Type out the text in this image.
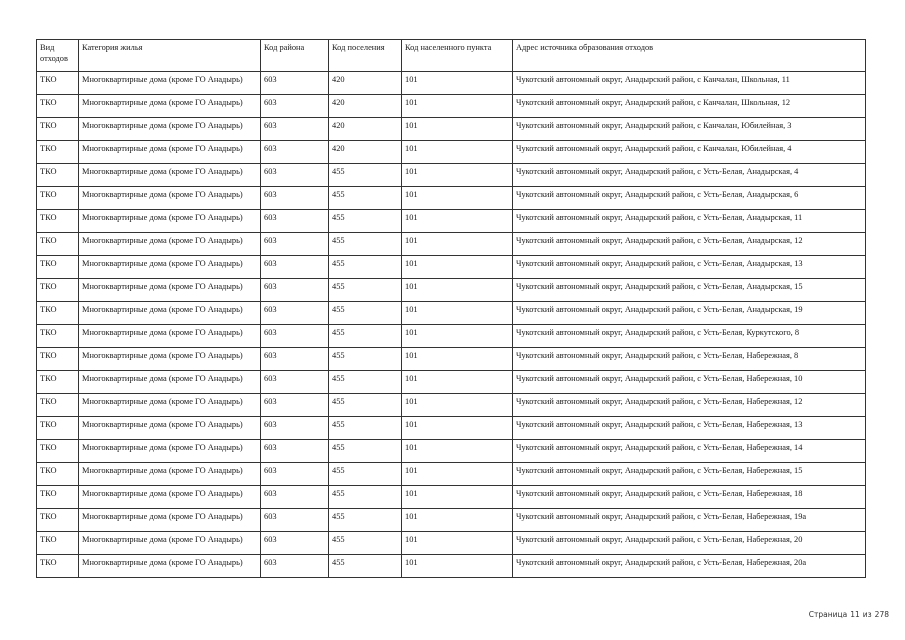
Вид отходов	Категория жилья	Код района	Код поселения	Код населенного пункта	Адрес источника образования отходов
ТКО	Многоквартирные дома (кроме ГО Анадырь)	603	420	101	Чукотский автономный округ, Анадырский район, с Канчалан, Школьная, 11
ТКО	Многоквартирные дома (кроме ГО Анадырь)	603	420	101	Чукотский автономный округ, Анадырский район, с Канчалан, Школьная, 12
ТКО	Многоквартирные дома (кроме ГО Анадырь)	603	420	101	Чукотский автономный округ, Анадырский район, с Канчалан, Юбилейная, 3
ТКО	Многоквартирные дома (кроме ГО Анадырь)	603	420	101	Чукотский автономный округ, Анадырский район, с Канчалан, Юбилейная, 4
ТКО	Многоквартирные дома (кроме ГО Анадырь)	603	455	101	Чукотский автономный округ, Анадырский район, с Усть-Белая, Анадырская, 4
ТКО	Многоквартирные дома (кроме ГО Анадырь)	603	455	101	Чукотский автономный округ, Анадырский район, с Усть-Белая, Анадырская, 6
ТКО	Многоквартирные дома (кроме ГО Анадырь)	603	455	101	Чукотский автономный округ, Анадырский район, с Усть-Белая, Анадырская, 11
ТКО	Многоквартирные дома (кроме ГО Анадырь)	603	455	101	Чукотский автономный округ, Анадырский район, с Усть-Белая, Анадырская, 12
ТКО	Многоквартирные дома (кроме ГО Анадырь)	603	455	101	Чукотский автономный округ, Анадырский район, с Усть-Белая, Анадырская, 13
ТКО	Многоквартирные дома (кроме ГО Анадырь)	603	455	101	Чукотский автономный округ, Анадырский район, с Усть-Белая, Анадырская, 15
ТКО	Многоквартирные дома (кроме ГО Анадырь)	603	455	101	Чукотский автономный округ, Анадырский район, с Усть-Белая, Анадырская, 19
ТКО	Многоквартирные дома (кроме ГО Анадырь)	603	455	101	Чукотский автономный округ, Анадырский район, с Усть-Белая, Куркутского, 8
ТКО	Многоквартирные дома (кроме ГО Анадырь)	603	455	101	Чукотский автономный округ, Анадырский район, с Усть-Белая, Набережная, 8
ТКО	Многоквартирные дома (кроме ГО Анадырь)	603	455	101	Чукотский автономный округ, Анадырский район, с Усть-Белая, Набережная, 10
ТКО	Многоквартирные дома (кроме ГО Анадырь)	603	455	101	Чукотский автономный округ, Анадырский район, с Усть-Белая, Набережная, 12
ТКО	Многоквартирные дома (кроме ГО Анадырь)	603	455	101	Чукотский автономный округ, Анадырский район, с Усть-Белая, Набережная, 13
ТКО	Многоквартирные дома (кроме ГО Анадырь)	603	455	101	Чукотский автономный округ, Анадырский район, с Усть-Белая, Набережная, 14
ТКО	Многоквартирные дома (кроме ГО Анадырь)	603	455	101	Чукотский автономный округ, Анадырский район, с Усть-Белая, Набережная, 15
ТКО	Многоквартирные дома (кроме ГО Анадырь)	603	455	101	Чукотский автономный округ, Анадырский район, с Усть-Белая, Набережная, 18
ТКО	Многоквартирные дома (кроме ГО Анадырь)	603	455	101	Чукотский автономный округ, Анадырский район, с Усть-Белая, Набережная, 19а
ТКО	Многоквартирные дома (кроме ГО Анадырь)	603	455	101	Чукотский автономный округ, Анадырский район, с Усть-Белая, Набережная, 20
ТКО	Многоквартирные дома (кроме ГО Анадырь)	603	455	101	Чукотский автономный округ, Анадырский район, с Усть-Белая, Набережная, 20а
Страница 11 из 278
